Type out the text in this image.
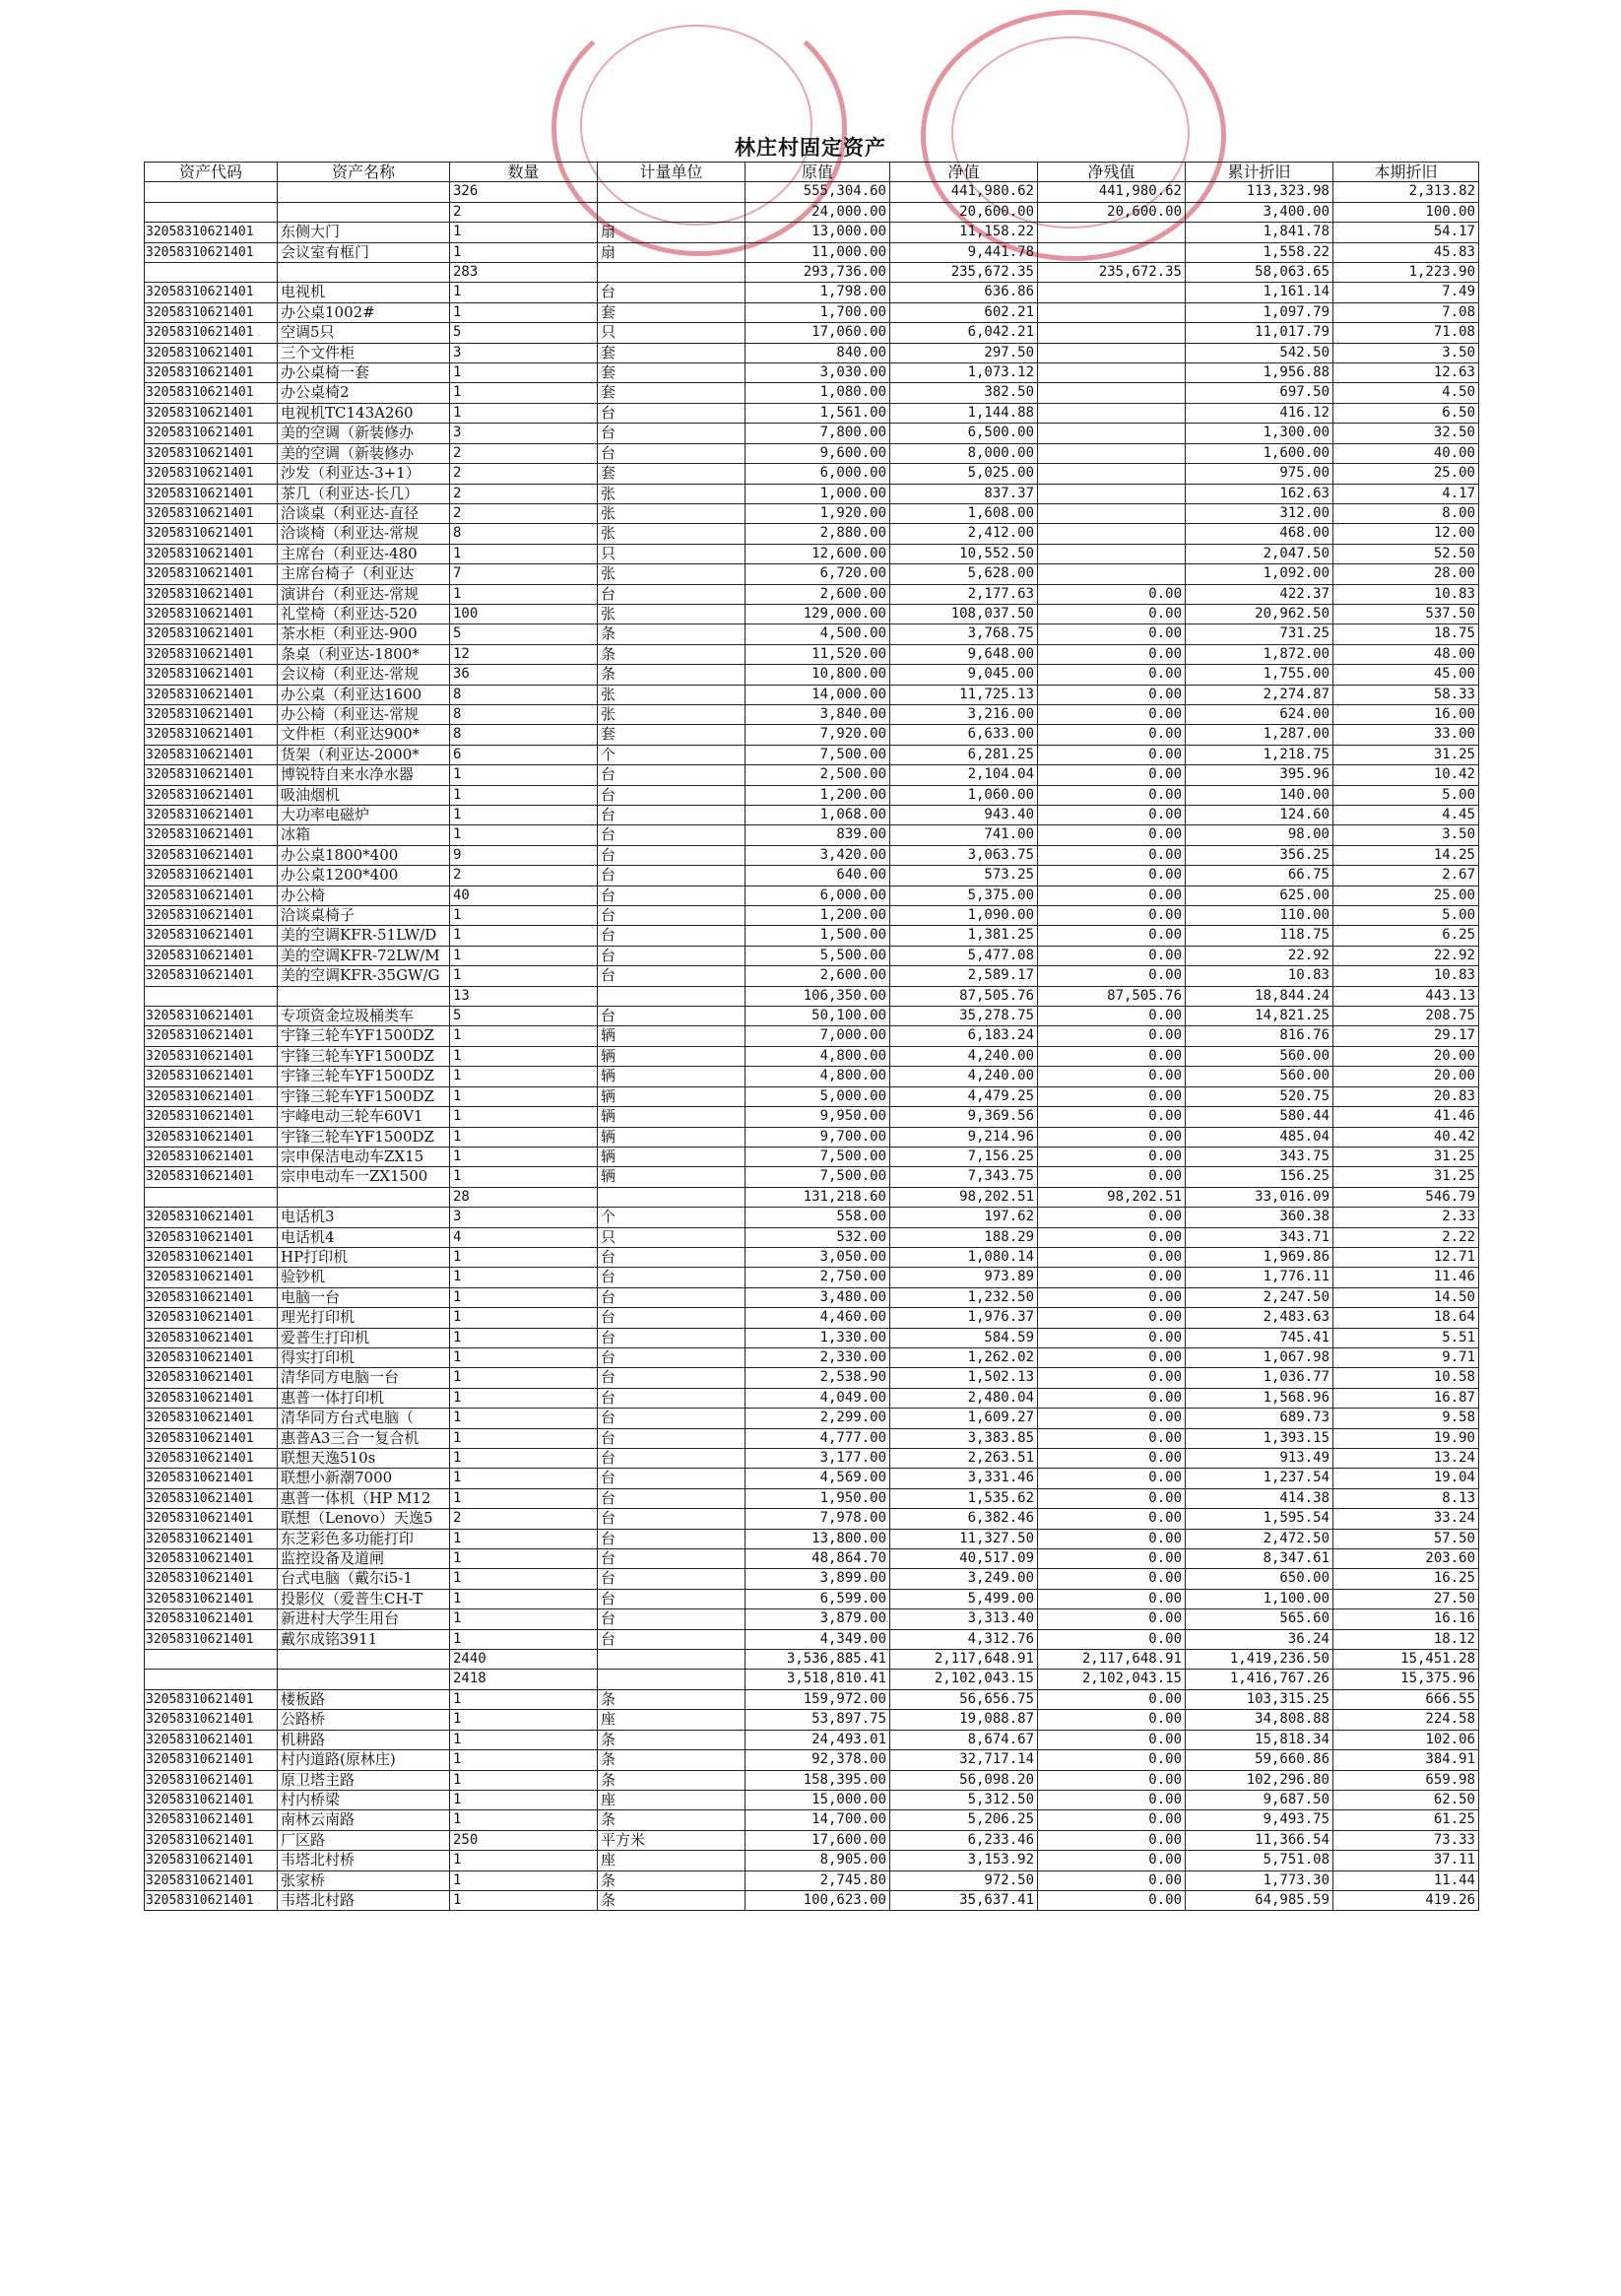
林庄村固定资产
资产代码	资产名称	数量	计量单位	原值	净值	净残值	累计折旧	本期折旧
		326		555,304.60	441,980.62	441,980.62	113,323.98	2,313.82
		2		24,000.00	20,600.00	20,600.00	3,400.00	100.00
32058310621401	东侧大门	1	扇	13,000.00	11,158.22		1,841.78	54.17
32058310621401	会议室有框门	1	扇	11,000.00	9,441.78		1,558.22	45.83
		283		293,736.00	235,672.35	235,672.35	58,063.65	1,223.90
32058310621401	电视机	1	台	1,798.00	636.86		1,161.14	7.49
32058310621401	办公桌1002#	1	套	1,700.00	602.21		1,097.79	7.08
32058310621401	空调5只	5	只	17,060.00	6,042.21		11,017.79	71.08
32058310621401	三个文件柜	3	套	840.00	297.50		542.50	3.50
32058310621401	办公桌椅一套	1	套	3,030.00	1,073.12		1,956.88	12.63
32058310621401	办公桌椅2	1	套	1,080.00	382.50		697.50	4.50
32058310621401	电视机TC143A260	1	台	1,561.00	1,144.88		416.12	6.50
32058310621401	美的空调（新装修办	3	台	7,800.00	6,500.00		1,300.00	32.50
32058310621401	美的空调（新装修办	2	台	9,600.00	8,000.00		1,600.00	40.00
32058310621401	沙发（利亚达-3+1）	2	套	6,000.00	5,025.00		975.00	25.00
32058310621401	茶几（利亚达-长几）	2	张	1,000.00	837.37		162.63	4.17
32058310621401	洽谈桌（利亚达-直径	2	张	1,920.00	1,608.00		312.00	8.00
32058310621401	洽谈椅（利亚达-常规	8	张	2,880.00	2,412.00		468.00	12.00
32058310621401	主席台（利亚达-480	1	只	12,600.00	10,552.50		2,047.50	52.50
32058310621401	主席台椅子（利亚达	7	张	6,720.00	5,628.00		1,092.00	28.00
32058310621401	演讲台（利亚达-常规	1	台	2,600.00	2,177.63	0.00	422.37	10.83
32058310621401	礼堂椅（利亚达-520	100	张	129,000.00	108,037.50	0.00	20,962.50	537.50
32058310621401	茶水柜（利亚达-900	5	条	4,500.00	3,768.75	0.00	731.25	18.75
32058310621401	条桌（利亚达-1800*	12	条	11,520.00	9,648.00	0.00	1,872.00	48.00
32058310621401	会议椅（利亚达-常规	36	条	10,800.00	9,045.00	0.00	1,755.00	45.00
32058310621401	办公桌（利亚达1600	8	张	14,000.00	11,725.13	0.00	2,274.87	58.33
32058310621401	办公椅（利亚达-常规	8	张	3,840.00	3,216.00	0.00	624.00	16.00
32058310621401	文件柜（利亚达900*	8	套	7,920.00	6,633.00	0.00	1,287.00	33.00
32058310621401	货架（利亚达-2000*	6	个	7,500.00	6,281.25	0.00	1,218.75	31.25
32058310621401	博锐特自来水净水器	1	台	2,500.00	2,104.04	0.00	395.96	10.42
32058310621401	吸油烟机	1	台	1,200.00	1,060.00	0.00	140.00	5.00
32058310621401	大功率电磁炉	1	台	1,068.00	943.40	0.00	124.60	4.45
32058310621401	冰箱	1	台	839.00	741.00	0.00	98.00	3.50
32058310621401	办公桌1800*400	9	台	3,420.00	3,063.75	0.00	356.25	14.25
32058310621401	办公桌1200*400	2	台	640.00	573.25	0.00	66.75	2.67
32058310621401	办公椅	40	台	6,000.00	5,375.00	0.00	625.00	25.00
32058310621401	洽谈桌椅子	1	台	1,200.00	1,090.00	0.00	110.00	5.00
32058310621401	美的空调KFR-51LW/D	1	台	1,500.00	1,381.25	0.00	118.75	6.25
32058310621401	美的空调KFR-72LW/M	1	台	5,500.00	5,477.08	0.00	22.92	22.92
32058310621401	美的空调KFR-35GW/G	1	台	2,600.00	2,589.17	0.00	10.83	10.83
		13		106,350.00	87,505.76	87,505.76	18,844.24	443.13
32058310621401	专项资金垃圾桶类车	5	台	50,100.00	35,278.75	0.00	14,821.25	208.75
32058310621401	宇锋三轮车YF1500DZ	1	辆	7,000.00	6,183.24	0.00	816.76	29.17
32058310621401	宇锋三轮车YF1500DZ	1	辆	4,800.00	4,240.00	0.00	560.00	20.00
32058310621401	宇锋三轮车YF1500DZ	1	辆	4,800.00	4,240.00	0.00	560.00	20.00
32058310621401	宇锋三轮车YF1500DZ	1	辆	5,000.00	4,479.25	0.00	520.75	20.83
32058310621401	宇峰电动三轮车60V1	1	辆	9,950.00	9,369.56	0.00	580.44	41.46
32058310621401	宇锋三轮车YF1500DZ	1	辆	9,700.00	9,214.96	0.00	485.04	40.42
32058310621401	宗申保洁电动车ZX15	1	辆	7,500.00	7,156.25	0.00	343.75	31.25
32058310621401	宗申电动车一ZX1500	1	辆	7,500.00	7,343.75	0.00	156.25	31.25
		28		131,218.60	98,202.51	98,202.51	33,016.09	546.79
32058310621401	电话机3	3	个	558.00	197.62	0.00	360.38	2.33
32058310621401	电话机4	4	只	532.00	188.29	0.00	343.71	2.22
32058310621401	HP打印机	1	台	3,050.00	1,080.14	0.00	1,969.86	12.71
32058310621401	验钞机	1	台	2,750.00	973.89	0.00	1,776.11	11.46
32058310621401	电脑一台	1	台	3,480.00	1,232.50	0.00	2,247.50	14.50
32058310621401	理光打印机	1	台	4,460.00	1,976.37	0.00	2,483.63	18.64
32058310621401	爱普生打印机	1	台	1,330.00	584.59	0.00	745.41	5.51
32058310621401	得实打印机	1	台	2,330.00	1,262.02	0.00	1,067.98	9.71
32058310621401	清华同方电脑一台	1	台	2,538.90	1,502.13	0.00	1,036.77	10.58
32058310621401	惠普一体打印机	1	台	4,049.00	2,480.04	0.00	1,568.96	16.87
32058310621401	清华同方台式电脑（	1	台	2,299.00	1,609.27	0.00	689.73	9.58
32058310621401	惠普A3三合一复合机	1	台	4,777.00	3,383.85	0.00	1,393.15	19.90
32058310621401	联想天逸510s	1	台	3,177.00	2,263.51	0.00	913.49	13.24
32058310621401	联想小新潮7000	1	台	4,569.00	3,331.46	0.00	1,237.54	19.04
32058310621401	惠普一体机（HP M12	1	台	1,950.00	1,535.62	0.00	414.38	8.13
32058310621401	联想（Lenovo）天逸5	2	台	7,978.00	6,382.46	0.00	1,595.54	33.24
32058310621401	东芝彩色多功能打印	1	台	13,800.00	11,327.50	0.00	2,472.50	57.50
32058310621401	监控设备及道闸	1	台	48,864.70	40,517.09	0.00	8,347.61	203.60
32058310621401	台式电脑（戴尔i5-1	1	台	3,899.00	3,249.00	0.00	650.00	16.25
32058310621401	投影仪（爱普生CH-T	1	台	6,599.00	5,499.00	0.00	1,100.00	27.50
32058310621401	新进村大学生用台	1	台	3,879.00	3,313.40	0.00	565.60	16.16
32058310621401	戴尔成铭3911	1	台	4,349.00	4,312.76	0.00	36.24	18.12
		2440		3,536,885.41	2,117,648.91	2,117,648.91	1,419,236.50	15,451.28
		2418		3,518,810.41	2,102,043.15	2,102,043.15	1,416,767.26	15,375.96
32058310621401	楼板路	1	条	159,972.00	56,656.75	0.00	103,315.25	666.55
32058310621401	公路桥	1	座	53,897.75	19,088.87	0.00	34,808.88	224.58
32058310621401	机耕路	1	条	24,493.01	8,674.67	0.00	15,818.34	102.06
32058310621401	村内道路(原林庄)	1	条	92,378.00	32,717.14	0.00	59,660.86	384.91
32058310621401	原卫塔主路	1	条	158,395.00	56,098.20	0.00	102,296.80	659.98
32058310621401	村内桥梁	1	座	15,000.00	5,312.50	0.00	9,687.50	62.50
32058310621401	南林云南路	1	条	14,700.00	5,206.25	0.00	9,493.75	61.25
32058310621401	厂区路	250	平方米	17,600.00	6,233.46	0.00	11,366.54	73.33
32058310621401	韦塔北村桥	1	座	8,905.00	3,153.92	0.00	5,751.08	37.11
32058310621401	张家桥	1	条	2,745.80	972.50	0.00	1,773.30	11.44
32058310621401	韦塔北村路	1	条	100,623.00	35,637.41	0.00	64,985.59	419.26
